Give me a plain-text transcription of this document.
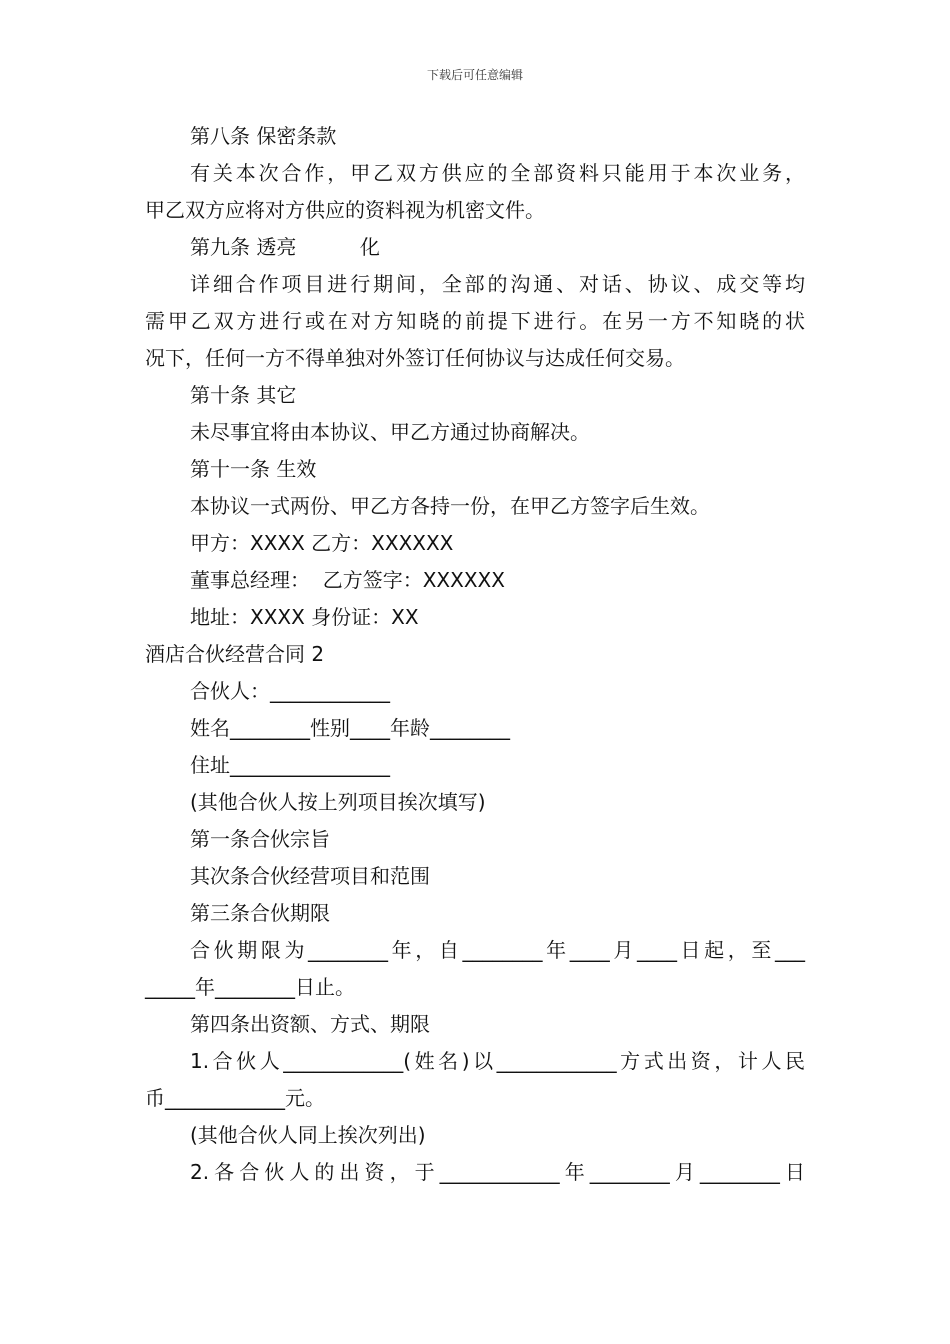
下载后可任意编辑
第八条 保密条款
有关本次合作，甲乙双方供应的全部资料只能用于本次业务，
甲乙双方应将对方供应的资料视为机密文件。
第九条 透亮          化
详细合作项目进行期间，全部的沟通、对话、协议、成交等均
需甲乙双方进行或在对方知晓的前提下进行。在另一方不知晓的状
况下，任何一方不得单独对外签订任何协议与达成任何交易。
第十条 其它
未尽事宜将由本协议、甲乙方通过协商解决。
第十一条 生效
本协议一式两份、甲乙方各持一份，在甲乙方签字后生效。
甲方：XXXX 乙方：XXXXXX
董事总经理：  乙方签字：XXXXXX
地址：XXXX 身份证：XX
酒店合伙经营合同 2
合伙人：____________
姓名________性别____年龄________
住址________________
(其他合伙人按上列项目挨次填写)
第一条合伙宗旨
其次条合伙经营项目和范围
第三条合伙期限
合伙期限为________年，自________年____月____日起，至___
_____年________日止。
第四条出资额、方式、期限
1.合伙人____________(姓名)以____________方式出资，计人民
币____________元。
(其他合伙人同上挨次列出)
2.各合伙人的出资，于____________年________月________日
